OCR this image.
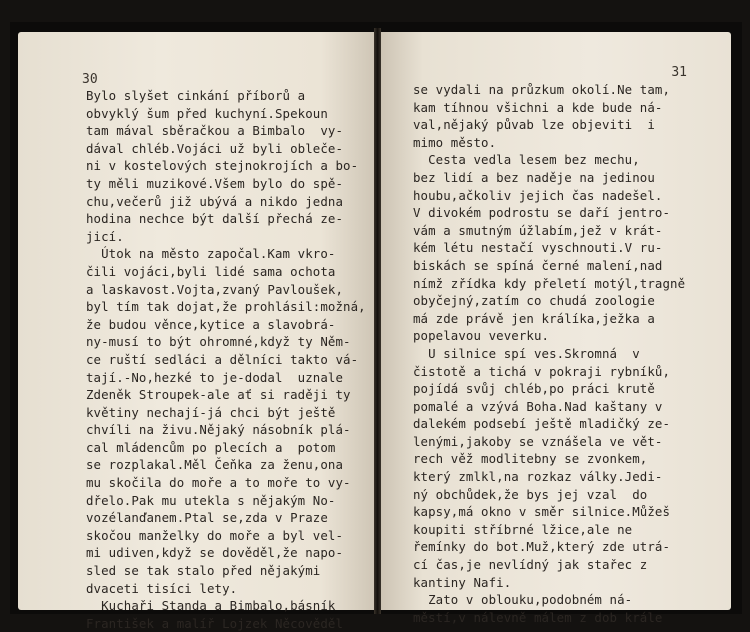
30
Bylo slyšet cinkání příborů a
obvyklý šum před kuchyní.Spekoun
tam mával sběračkou a Bimbalo  vy-
dával chléb.Vojáci už byli obleče-
ni v kostelových stejnokrojích a bo-
ty měli muzikové.Všem bylo do spě-
chu,večerů již ubývá a nikdo jedna
hodina nechce být další přechá ze-
jicí.
Útok na město započal.Kam vkro-
čili vojáci,byli lidé sama ochota
a laskavost.Vojta,zvaný Pavloušek,
byl tím tak dojat,že prohlásil:možná,
že budou věnce,kytice a slavobrá-
ny-musí to být ohromné,když ty Něm-
ce ruští sedláci a dělníci takto vá-
tají.-No,hezké to je-dodal  uznale
Zdeněk Stroupek-ale ať si raději ty
květiny nechají-já chci být ještě
chvíli na živu.Nějaký násobník plá-
cal mládencům po plecích a  potom
se rozplakal.Měl Čeňka za ženu,ona
mu skočila do moře a to moře to vy-
dřelo.Pak mu utekla s nějakým No-
vozélanďanem.Ptal se,zda v Praze
skočou manželky do moře a byl vel-
mi udiven,když se dověděl,že napo-
sled se tak stalo před nějakými
dvaceti tisíci lety.
Kuchaři Standa a Bimbalo,básník
František a malíř Lojzek Něcověděl
31
se vydali na průzkum okolí.Ne tam,
kam tíhnou všichni a kde bude ná-
val,nějaký půvab lze objeviti  i
mimo město.
Cesta vedla lesem bez mechu,
bez lidí a bez naděje na jedinou
houbu,ačkoliv jejich čas nadešel.
V divokém podrostu se daří jentro-
vám a smutným úžlabím,jež v krát-
kém létu nestačí vyschnouti.V ru-
biskách se spíná černé malení,nad
nímž zřídka kdy přeletí motýl,tragně
obyčejný,zatím co chudá zoologie
má zde právě jen králíka,ježka a
popelavou veverku.
U silnice spí ves.Skromná  v
čistotě a tichá v pokraji rybníků,
pojídá svůj chléb,po práci krutě
pomalé a vzývá Boha.Nad kaštany v
dalekém podsebí ještě mladičký ze-
lenými,jakoby se vznášela ve vět-
rech věž modlitebny se zvonkem,
který zmlkl,na rozkaz války.Jedi-
ný obchůdek,že bys jej vzal  do
kapsy,má okno v směr silnice.Můžeš
koupiti stříbrné lžice,ale ne
řemínky do bot.Muž,který zde utrá-
cí čas,je nevlídný jak stařec z
kantiny Nafi.
Zato v oblouku,podobném ná-
městí,v nálevně málem z dob krále
